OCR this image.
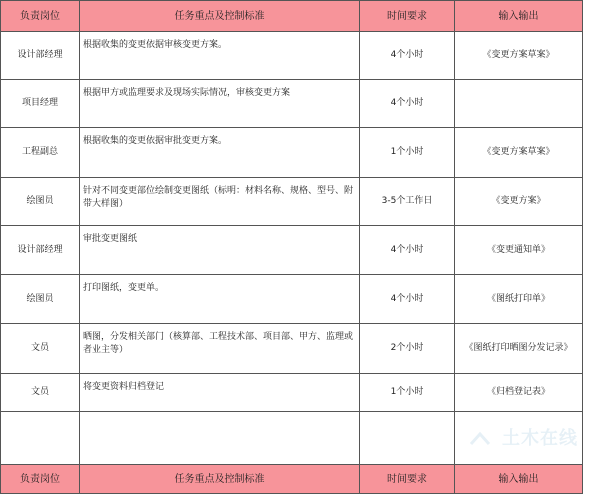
负责岗位	任务重点及控制标准	时间要求	输入输出
设计部经理	根据收集的变更依据审核变更方案。	4个小时	《变更方案草案》
项目经理	根据甲方或监理要求及现场实际情况，审核变更方案	4个小时	
工程副总	根据收集的变更依据审批变更方案。	1个小时	《变更方案草案》
绘图员	针对不同变更部位绘制变更图纸（标明：材料名称、规格、型号、附带大样图）	3-5个工作日	《变更方案》
设计部经理	审批变更图纸	4个小时	《变更通知单》
绘图员	打印图纸，变更单。	4个小时	《图纸打印单》
文员	晒图，分发相关部门（核算部、工程技术部、项目部、甲方、监理或者业主等）	2个小时	《图纸打印晒图分发记录》
文员	将变更资料归档登记	1个小时	《归档登记表》

负责岗位	任务重点及控制标准	时间要求	输入输出
土木在线
